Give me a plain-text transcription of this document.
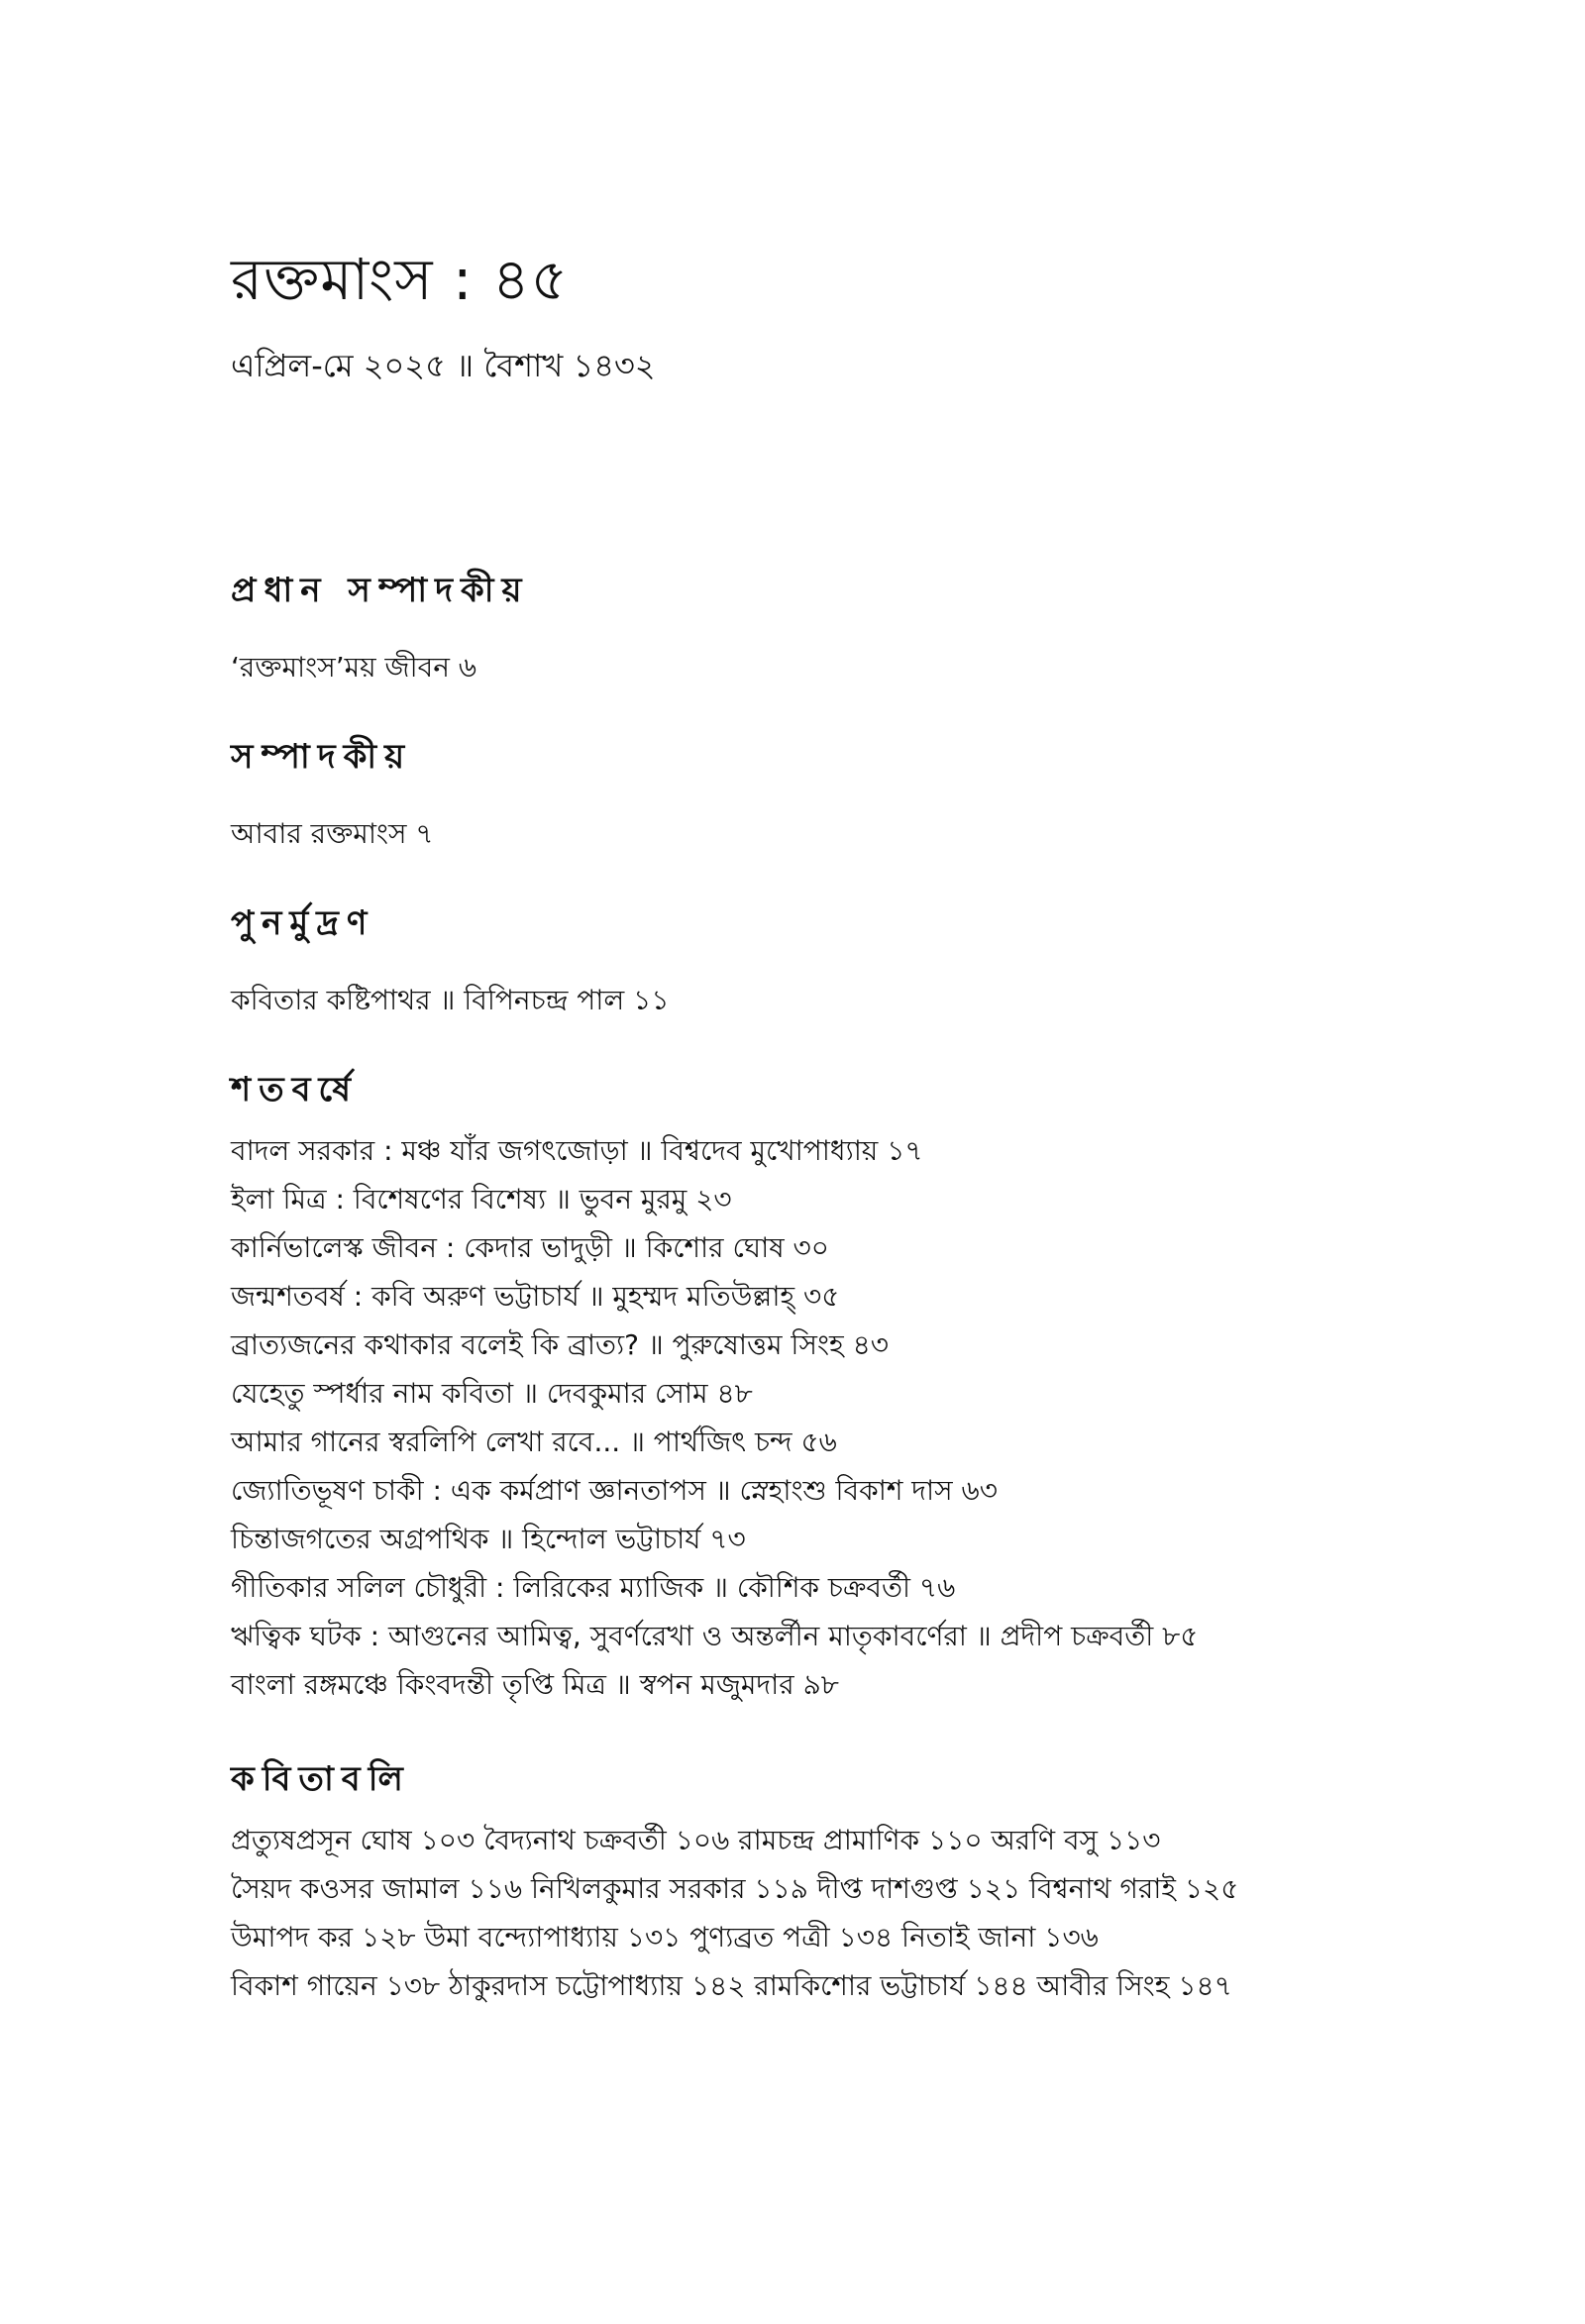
রক্তমাংস : ৪৫
এপ্রিল-মে ২০২৫ ॥ বৈশাখ ১৪৩২
প্রধান সম্পাদকীয়
‘রক্তমাংস’ময় জীবন ৬
সম্পাদকীয়
আবার রক্তমাংস ৭
পুনর্মুদ্রণ
কবিতার কষ্টিপাথর ॥ বিপিনচন্দ্র পাল ১১
শতবর্ষে
বাদল সরকার : মঞ্চ যাঁর জগৎজোড়া ॥ বিশ্বদেব মুখোপাধ্যায় ১৭
ইলা মিত্র : বিশেষণের বিশেষ্য ॥ ভুবন মুরমু ২৩
কার্নিভালেস্ক জীবন : কেদার ভাদুড়ী ॥ কিশোর ঘোষ ৩০
জন্মশতবর্ষ : কবি অরুণ ভট্টাচার্য ॥ মুহম্মদ মতিউল্লাহ্‌ ৩৫
ব্রাত্যজনের কথাকার বলেই কি ব্রাত্য? ॥ পুরুষোত্তম সিংহ ৪৩
যেহেতু স্পর্ধার নাম কবিতা ॥ দেবকুমার সোম ৪৮
আমার গানের স্বরলিপি লেখা রবে... ॥ পার্থজিৎ চন্দ ৫৬
জ্যোতিভূষণ চাকী : এক কর্মপ্রাণ জ্ঞানতাপস ॥ স্নেহাংশু বিকাশ দাস ৬৩
চিন্তাজগতের অগ্রপথিক ॥ হিন্দোল ভট্টাচার্য ৭৩
গীতিকার সলিল চৌধুরী : লিরিকের ম্যাজিক ॥ কৌশিক চক্রবর্তী ৭৬
ঋত্বিক ঘটক : আগুনের আমিত্ব, সুবর্ণরেখা ও অন্তর্লীন মাতৃকাবর্ণেরা ॥ প্রদীপ চক্রবর্তী ৮৫
বাংলা রঙ্গমঞ্চে কিংবদন্তী তৃপ্তি মিত্র ॥ স্বপন মজুমদার ৯৮
কবিতাবলি
প্রত্যুষপ্রসূন ঘোষ ১০৩ বৈদ্যনাথ চক্রবর্তী ১০৬ রামচন্দ্র প্রামাণিক ১১০ অরণি বসু ১১৩
সৈয়দ কওসর জামাল ১১৬ নিখিলকুমার সরকার ১১৯ দীপ্ত দাশগুপ্ত ১২১ বিশ্বনাথ গরাই ১২৫
উমাপদ কর ১২৮ উমা বন্দ্যোপাধ্যায় ১৩১ পুণ্যব্রত পত্রী ১৩৪ নিতাই জানা ১৩৬
বিকাশ গায়েন ১৩৮ ঠাকুরদাস চট্টোপাধ্যায় ১৪২ রামকিশোর ভট্টাচার্য ১৪৪ আবীর সিংহ ১৪৭
